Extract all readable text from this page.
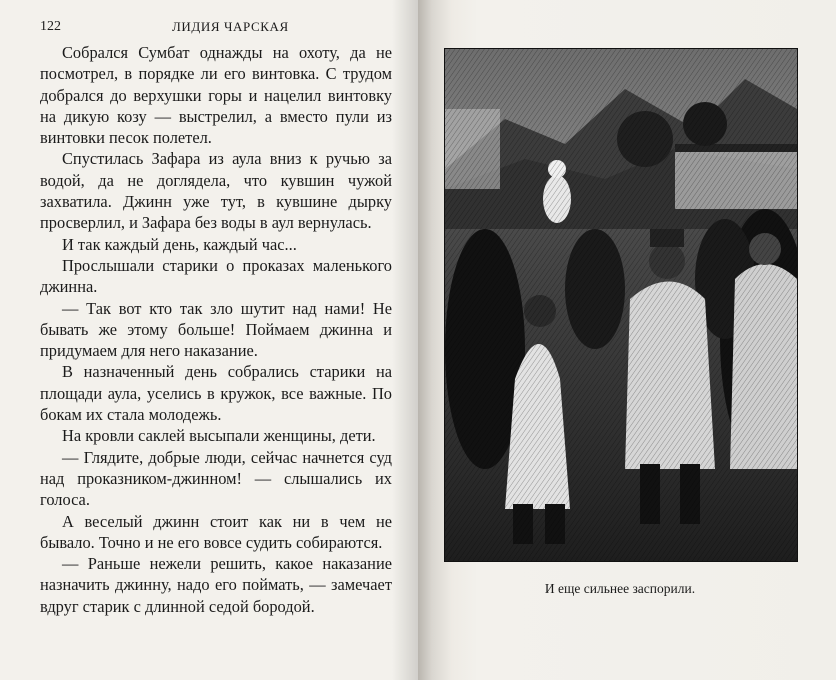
122	ЛИДИЯ ЧАРСКАЯ

Собрался Сумбат однажды на охоту, да не посмотрел, в порядке ли его винтовка. С трудом добрался до верхушки горы и нацелил винтовку на дикую козу — выстрелил, а вместо пули из винтовки песок полетел.

Спустилась Зафара из аула вниз к ручью за водой, да не доглядела, что кувшин чужой захватила. Джинн уже тут, в кувшине дырку просверлил, и Зафара без воды в аул вернулась.

И так каждый день, каждый час...

Прослышали старики о проказах маленького джинна.

— Так вот кто так зло шутит над нами! Не бывать же этому больше! Поймаем джинна и придумаем для него наказание.

В назначенный день собрались старики на площади аула, уселись в кружок, все важные. По бокам их стала молодежь.

На кровли саклей высыпали женщины, дети.

— Глядите, добрые люди, сейчас начнется суд над проказником-джинном! — слышались их голоса.

А веселый джинн стоит как ни в чем не бывало. Точно и не его вовсе судить собираются.

— Раньше нежели решить, какое наказание назначить джинну, надо его поймать, — замечает вдруг старик с длинной седой бородой.

И еще сильнее заспорили.
